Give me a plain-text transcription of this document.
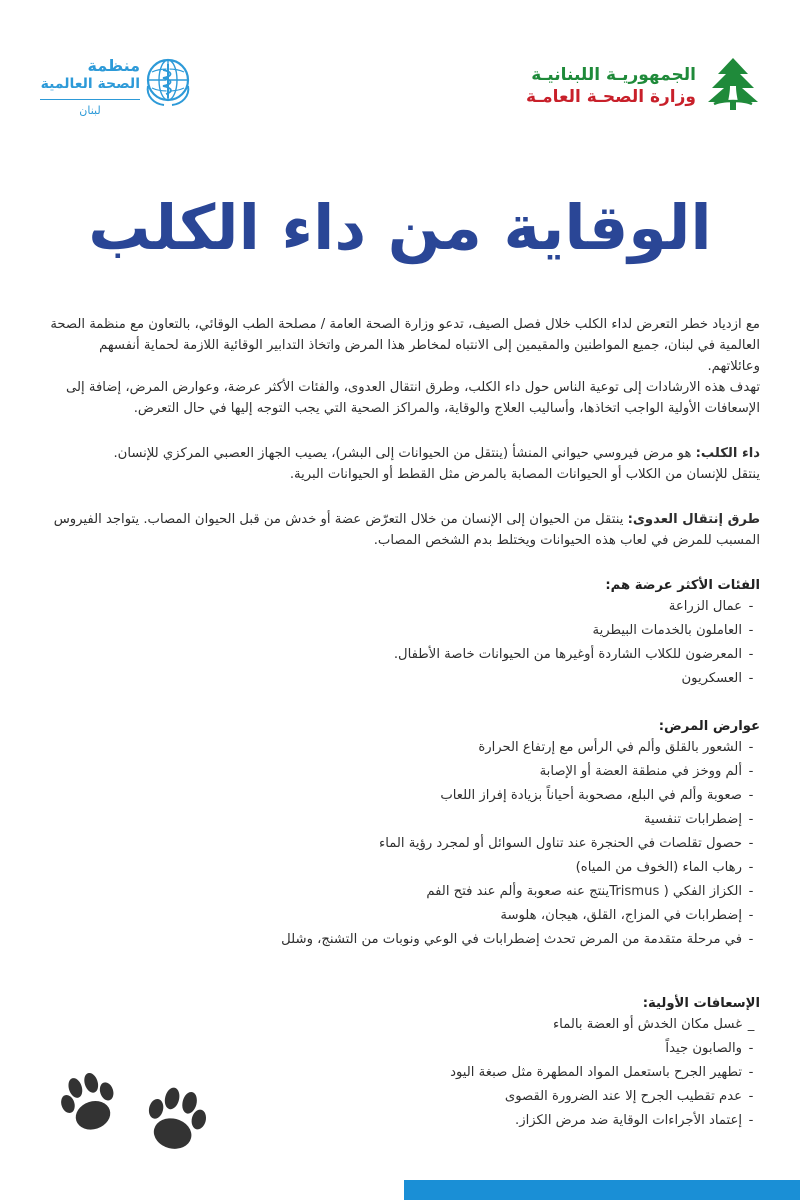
الجمهوريـة اللبنانيـة
وزارة الصحـة العامـة
منظمة
الصحة العالمية
لبنان
الوقاية من داء الكلب

مع ازدياد خطر التعرض لداء الكلب خلال فصل الصيف، تدعو وزارة الصحة العامة / مصلحة الطب الوقائي، بالتعاون مع منظمة الصحة العالمية في لبنان، جميع المواطنين والمقيمين إلى الانتباه لمخاطر هذا المرض واتخاذ التدابير الوقائية اللازمة لحماية أنفسهم وعائلاتهم.

تهدف هذه الارشادات إلى توعية الناس حول داء الكلب، وطرق انتقال العدوى، والفئات الأكثر عرضة، وعوارض المرض، إضافة إلى الإسعافات الأولية الواجب اتخاذها، وأساليب العلاج والوقاية، والمراكز الصحية التي يجب التوجه إليها في حال التعرض.

داء الكلب: هو مرض فيروسي حيواني المنشأ (ينتقل من الحيوانات إلى البشر)، يصيب الجهاز العصبي المركزي للإنسان.

ينتقل للإنسان من الكلاب أو الحيوانات المصابة بالمرض مثل القطط أو الحيوانات البرية.

طرق إنتقال العدوى: ينتقل من الحيوان إلى الإنسان من خلال التعرّض عضة أو خدش من قبل الحيوان المصاب. يتواجد الفيروس المسبب للمرض في لعاب هذه الحيوانات ويختلط بدم الشخص المصاب.

الفئات الأكثر عرضة هم:

-عمال الزراعة
-العاملون بالخدمات البيطرية
-المعرضون للكلاب الشاردة أوغيرها من الحيوانات خاصة الأطفال.
-العسكريون

عوارض المرض:

-الشعور بالقلق وألم في الرأس مع إرتفاع الحرارة
-ألم ووخز في منطقة العضة أو الإصابة
-صعوبة وألم في البلع، مصحوبة أحياناً بزيادة إفراز اللعاب
-إضطرابات تنفسية
-حصول تقلصات في الحنجرة عند تناول السوائل أو لمجرد رؤية الماء
-رهاب الماء (الخوف من المياه)
-الكزاز الفكي ( Trismusينتج عنه صعوبة وألم عند فتح الفم
-إضطرابات في المزاج، القلق، هيجان، هلوسة
-في مرحلة متقدمة من المرض تحدث إضطرابات في الوعي ونوبات من التشنج، وشلل

الإسعافات الأولية:

_غسل مكان الخدش أو العضة بالماء
-والصابون جيداً
-تطهير الجرح باستعمل المواد المطهرة مثل صبغة اليود
-عدم تقطيب الجرح إلا عند الضرورة القصوى
-إعتماد الأجراءات الوقاية ضد مرض الكزاز.
